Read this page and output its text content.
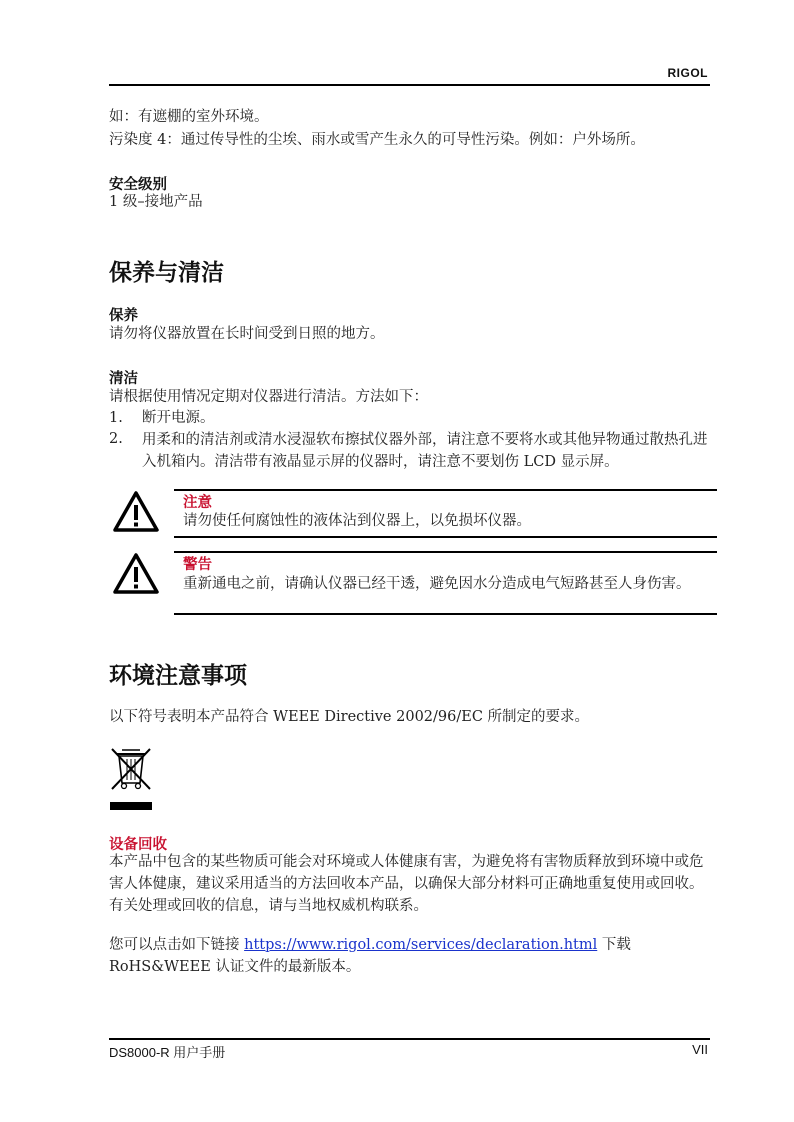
RIGOL
如：有遮棚的室外环境。
污染度 4：通过传导性的尘埃、雨水或雪产生永久的可导性污染。例如：户外场所。
安全级别
1 级–接地产品
保养与清洁
保养
请勿将仪器放置在长时间受到日照的地方。
清洁
请根据使用情况定期对仪器进行清洁。方法如下：
1. 断开电源。
2. 用柔和的清洁剂或清水浸湿软布擦拭仪器外部，请注意不要将水或其他异物通过散热孔进入机箱内。清洁带有液晶显示屏的仪器时，请注意不要划伤 LCD 显示屏。
注意
请勿使任何腐蚀性的液体沾到仪器上，以免损坏仪器。
警告
重新通电之前，请确认仪器已经干透，避免因水分造成电气短路甚至人身伤害。
环境注意事项
以下符号表明本产品符合 WEEE Directive 2002/96/EC 所制定的要求。
设备回收
本产品中包含的某些物质可能会对环境或人体健康有害，为避免将有害物质释放到环境中或危害人体健康，建议采用适当的方法回收本产品，以确保大部分材料可正确地重复使用或回收。有关处理或回收的信息，请与当地权威机构联系。
您可以点击如下链接 https://www.rigol.com/services/declaration.html 下载
RoHS&WEEE 认证文件的最新版本。
DS8000-R 用户手册	VII
